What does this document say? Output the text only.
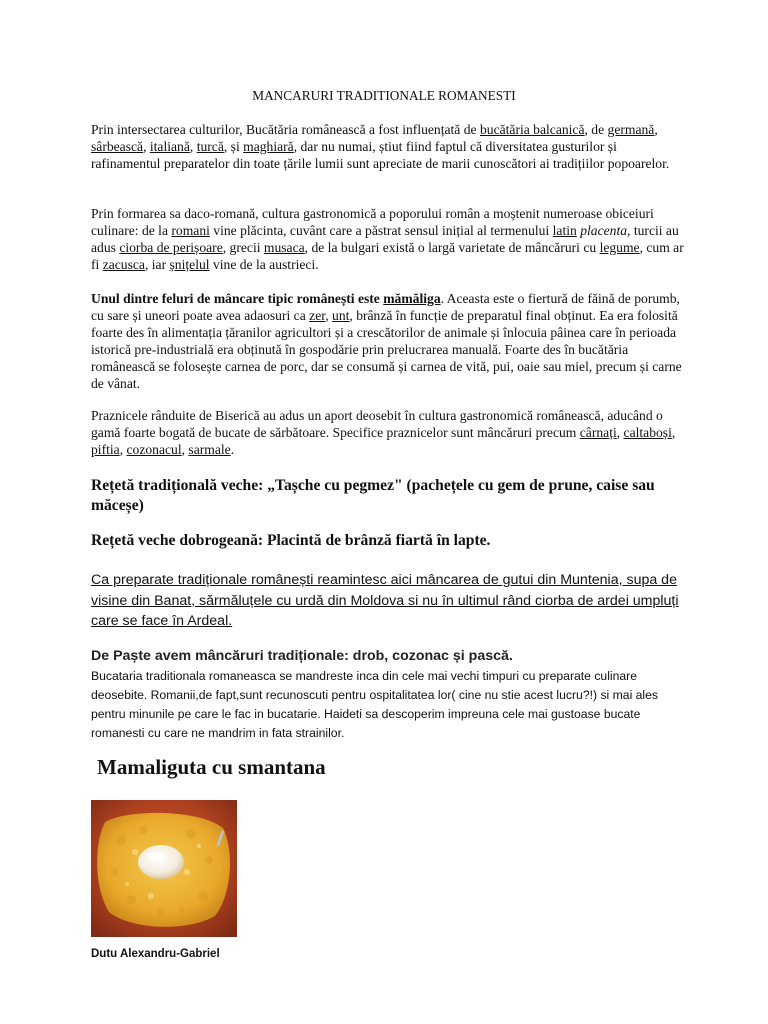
MANCARURI TRADITIONALE ROMANESTI

Prin intersectarea culturilor, Bucătăria românească a fost influențată de bucătăria balcanică, de germană, sârbească, italiană, turcă, și maghiară, dar nu numai, știut fiind faptul că diversitatea gusturilor și rafinamentul preparatelor din toate țările lumii sunt apreciate de marii cunoscători ai tradițiilor popoarelor.

Prin formarea sa daco-romană, cultura gastronomică a poporului român a moștenit numeroase obiceiuri culinare: de la romani vine plăcinta, cuvânt care a păstrat sensul inițial al termenului latin placenta, turcii au adus ciorba de perișoare, grecii musaca, de la bulgari există o largă varietate de mâncăruri cu legume, cum ar fi zacusca, iar șnițelul vine de la austrieci.

Unul dintre feluri de mâncare tipic românești este mămăliga. Aceasta este o fiertură de făină de porumb, cu sare și uneori poate avea adaosuri ca zer, unt, brânză în funcție de preparatul final obținut. Ea era folosită foarte des în alimentația țăranilor agricultori și a crescătorilor de animale și înlocuia pâinea care în perioada istorică pre-industrială era obținută în gospodărie prin prelucrarea manuală. Foarte des în bucătăria românească se folosește carnea de porc, dar se consumă și carnea de vită, pui, oaie sau miel, precum și carne de vânat.

Praznicele rânduite de Biserică au adus un aport deosebit în cultura gastronomică românească, aducând o gamă foarte bogată de bucate de sărbătoare. Specifice praznicelor sunt mâncăruri precum cârnați, caltaboși, piftia, cozonacul, sarmale.

Rețetă tradițională veche: „Tașche cu pegmez" (pachețele cu gem de prune, caise sau măceșe)

Rețetă veche dobrogeană: Placintă de brânză fiartă în lapte.

Ca preparate tradiționale românești reamintesc aici mâncarea de gutui din Muntenia, supa de visine din Banat, sărmăluțele cu urdă din Moldova si nu în ultimul rând ciorba de ardei umpluți care se face în Ardeal.

De Paște avem mâncăruri tradiționale: drob, cozonac și pască.

Bucataria traditionala romaneasca se mandreste inca din cele mai vechi timpuri cu preparate culinare deosebite. Romanii,de fapt,sunt recunoscuti pentru ospitalitatea lor( cine nu stie acest lucru?!) si mai ales pentru minunile pe care le fac in bucatarie. Haideti sa descoperim impreuna cele mai gustoase bucate romanesti cu care ne mandrim in fata strainilor.

Mamaliguta cu smantana
Dutu Alexandru-Gabriel
